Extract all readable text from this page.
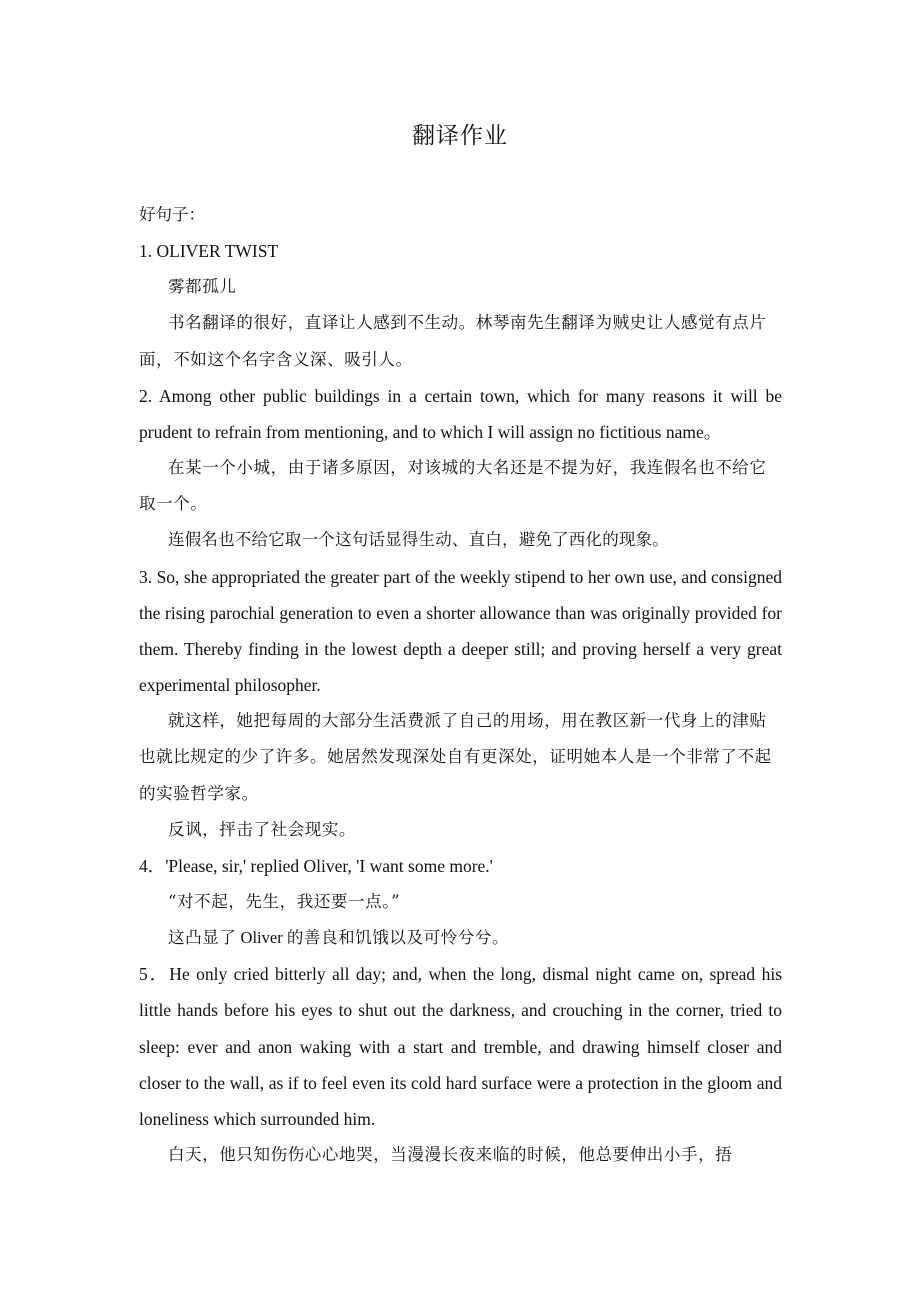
翻译作业

好句子：

1. OLIVER TWIST

雾都孤儿

书名翻译的很好，直译让人感到不生动。林琴南先生翻译为贼史让人感觉有点片面，不如这个名字含义深、吸引人。

2. Among other public buildings in a certain town, which for many reasons it will be prudent to refrain from mentioning, and to which I will assign no fictitious name。

在某一个小城，由于诸多原因，对该城的大名还是不提为好，我连假名也不给它取一个。

连假名也不给它取一个这句话显得生动、直白，避免了西化的现象。

3. So, she appropriated the greater part of the weekly stipend to her own use, and consigned the rising parochial generation to even a shorter allowance than was originally provided for them. Thereby finding in the lowest depth a deeper still; and proving herself a very great experimental philosopher.

就这样，她把每周的大部分生活费派了自己的用场，用在教区新一代身上的津贴也就比规定的少了许多。她居然发现深处自有更深处，证明她本人是一个非常了不起的实验哲学家。

反讽，抨击了社会现实。

4．'Please, sir,' replied Oliver, 'I want some more.'

“对不起，先生，我还要一点。”

这凸显了 Oliver 的善良和饥饿以及可怜兮兮。

5．He only cried bitterly all day; and, when the long, dismal night came on, spread his little hands before his eyes to shut out the darkness, and crouching in the corner, tried to sleep: ever and anon waking with a start and tremble, and drawing himself closer and closer to the wall, as if to feel even its cold hard surface were a protection in the gloom and loneliness which surrounded him.

白天，他只知伤伤心心地哭，当漫漫长夜来临的时候，他总要伸出小手，捂
